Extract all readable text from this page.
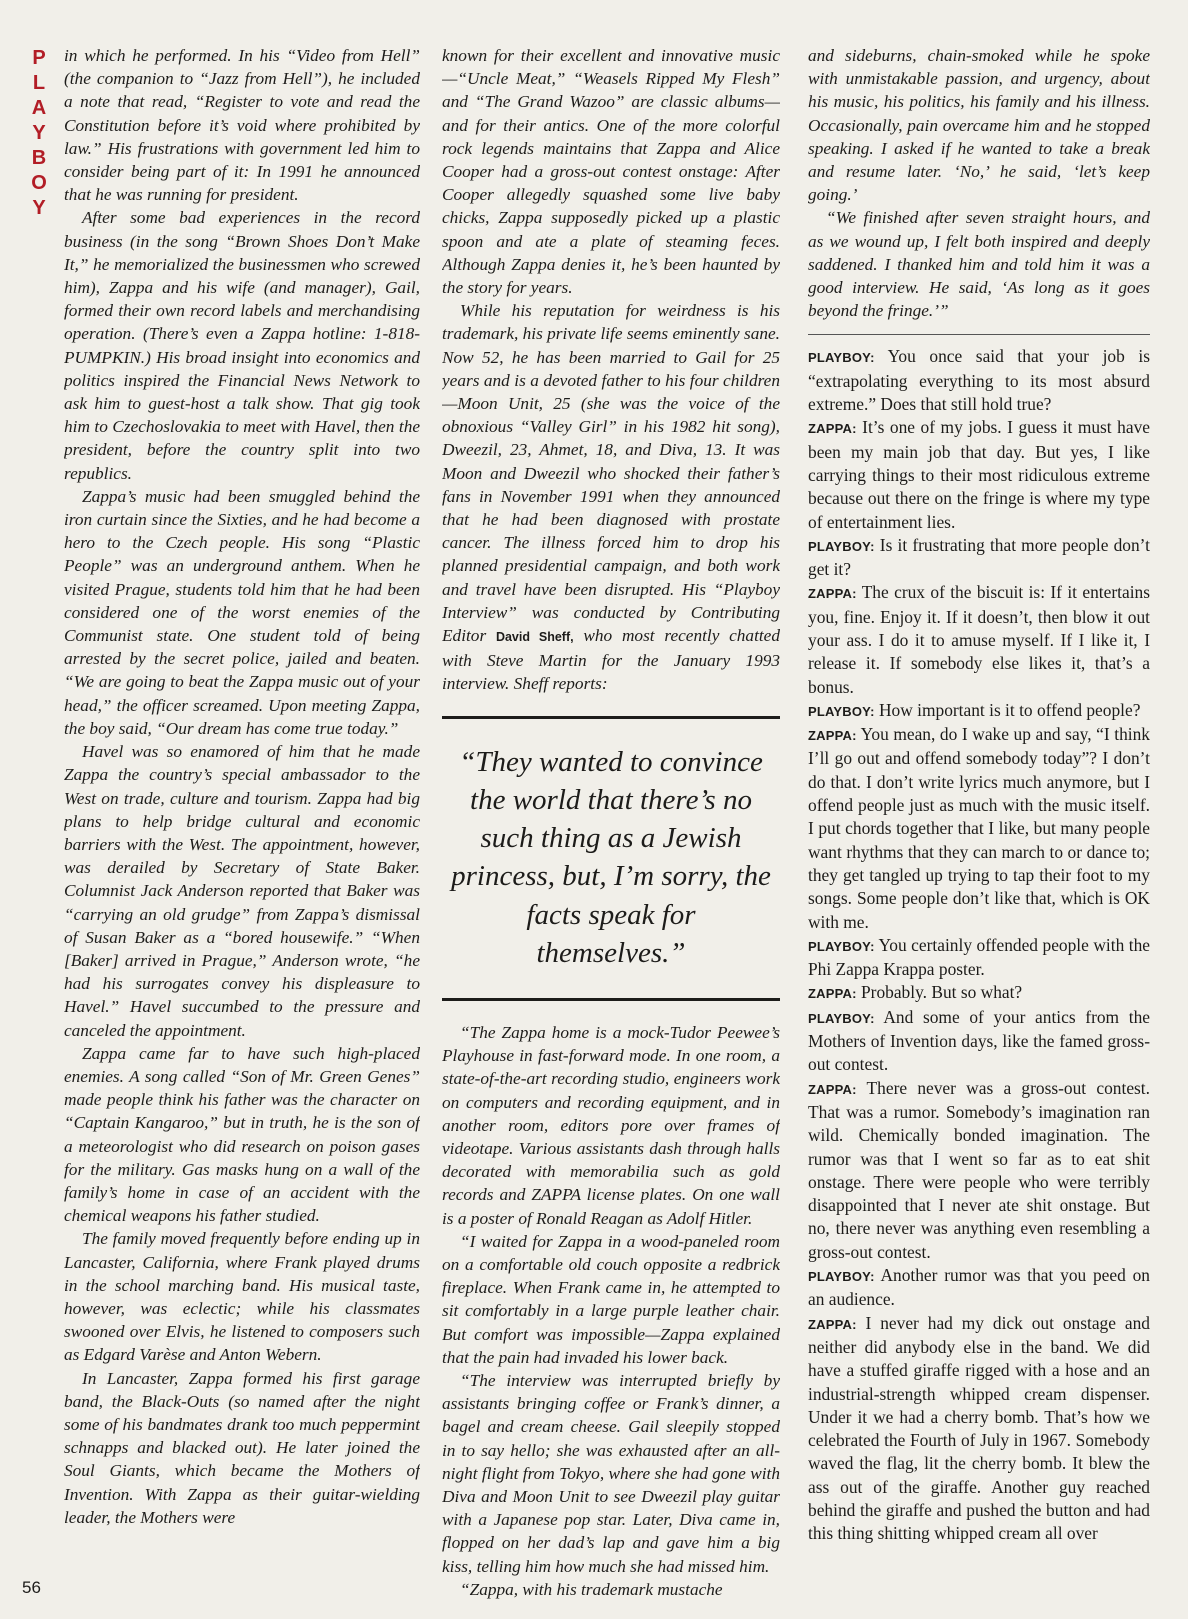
P
L
A
Y
B
O
Y
56

in which he performed. In his “Video from Hell” (the companion to “Jazz from Hell”), he included a note that read, “Register to vote and read the Constitution before it’s void where prohibited by law.” His frustrations with government led him to consider being part of it: In 1991 he announced that he was running for president.

After some bad experiences in the record business (in the song “Brown Shoes Don’t Make It,” he memorialized the businessmen who screwed him), Zappa and his wife (and manager), Gail, formed their own record labels and merchandising operation. (There’s even a Zappa hotline: 1-818-PUMPKIN.) His broad insight into economics and politics inspired the Financial News Network to ask him to guest-host a talk show. That gig took him to Czechoslovakia to meet with Havel, then the president, before the country split into two republics.

Zappa’s music had been smuggled behind the iron curtain since the Sixties, and he had become a hero to the Czech people. His song “Plastic People” was an underground anthem. When he visited Prague, students told him that he had been considered one of the worst enemies of the Communist state. One student told of being arrested by the secret police, jailed and beaten. “We are going to beat the Zappa music out of your head,” the officer screamed. Upon meeting Zappa, the boy said, “Our dream has come true today.”

Havel was so enamored of him that he made Zappa the country’s special ambassador to the West on trade, culture and tourism. Zappa had big plans to help bridge cultural and economic barriers with the West. The appointment, however, was derailed by Secretary of State Baker. Columnist Jack Anderson reported that Baker was “carrying an old grudge” from Zappa’s dismissal of Susan Baker as a “bored housewife.” “When [Baker] arrived in Prague,” Anderson wrote, “he had his surrogates convey his displeasure to Havel.” Havel succumbed to the pressure and canceled the appointment.

Zappa came far to have such high-placed enemies. A song called “Son of Mr. Green Genes” made people think his father was the character on “Captain Kangaroo,” but in truth, he is the son of a meteorologist who did research on poison gases for the military. Gas masks hung on a wall of the family’s home in case of an accident with the chemical weapons his father studied.

The family moved frequently before ending up in Lancaster, California, where Frank played drums in the school marching band. His musical taste, however, was eclectic; while his classmates swooned over Elvis, he listened to composers such as Edgard Varèse and Anton Webern.

In Lancaster, Zappa formed his first garage band, the Black-Outs (so named after the night some of his bandmates drank too much peppermint schnapps and blacked out). He later joined the Soul Giants, which became the Mothers of Invention. With Zappa as their guitar-wielding leader, the Mothers were

known for their excellent and innovative music—“Uncle Meat,” “Weasels Ripped My Flesh” and “The Grand Wazoo” are classic albums—and for their antics. One of the more colorful rock legends maintains that Zappa and Alice Cooper had a gross-out contest onstage: After Cooper allegedly squashed some live baby chicks, Zappa supposedly picked up a plastic spoon and ate a plate of steaming feces. Although Zappa denies it, he’s been haunted by the story for years.

While his reputation for weirdness is his trademark, his private life seems eminently sane. Now 52, he has been married to Gail for 25 years and is a devoted father to his four children—Moon Unit, 25 (she was the voice of the obnoxious “Valley Girl” in his 1982 hit song), Dweezil, 23, Ahmet, 18, and Diva, 13. It was Moon and Dweezil who shocked their father’s fans in November 1991 when they announced that he had been diagnosed with prostate cancer. The illness forced him to drop his planned presidential campaign, and both work and travel have been disrupted. His “Playboy Interview” was conducted by Contributing Editor David Sheff, who most recently chatted with Steve Martin for the January 1993 interview. Sheff reports:

“They wanted to convince the world that there’s no such thing as a Jewish princess, but, I’m sorry, the facts speak for themselves.”

“The Zappa home is a mock-Tudor Peewee’s Playhouse in fast-forward mode. In one room, a state-of-the-art recording studio, engineers work on computers and recording equipment, and in another room, editors pore over frames of videotape. Various assistants dash through halls decorated with memorabilia such as gold records and ZAPPA license plates. On one wall is a poster of Ronald Reagan as Adolf Hitler.

“I waited for Zappa in a wood-paneled room on a comfortable old couch opposite a redbrick fireplace. When Frank came in, he attempted to sit comfortably in a large purple leather chair. But comfort was impossible—Zappa explained that the pain had invaded his lower back.

“The interview was interrupted briefly by assistants bringing coffee or Frank’s dinner, a bagel and cream cheese. Gail sleepily stopped in to say hello; she was exhausted after an all-night flight from Tokyo, where she had gone with Diva and Moon Unit to see Dweezil play guitar with a Japanese pop star. Later, Diva came in, flopped on her dad’s lap and gave him a big kiss, telling him how much she had missed him.

“Zappa, with his trademark mustache

and sideburns, chain-smoked while he spoke with unmistakable passion, and urgency, about his music, his politics, his family and his illness. Occasionally, pain overcame him and he stopped speaking. I asked if he wanted to take a break and resume later. ‘No,’ he said, ‘let’s keep going.’

“We finished after seven straight hours, and as we wound up, I felt both inspired and deeply saddened. I thanked him and told him it was a good interview. He said, ‘As long as it goes beyond the fringe.’”

PLAYBOY: You once said that your job is “extrapolating everything to its most absurd extreme.” Does that still hold true?

ZAPPA: It’s one of my jobs. I guess it must have been my main job that day. But yes, I like carrying things to their most ridiculous extreme because out there on the fringe is where my type of entertainment lies.

PLAYBOY: Is it frustrating that more people don’t get it?

ZAPPA: The crux of the biscuit is: If it entertains you, fine. Enjoy it. If it doesn’t, then blow it out your ass. I do it to amuse myself. If I like it, I release it. If somebody else likes it, that’s a bonus.

PLAYBOY: How important is it to offend people?

ZAPPA: You mean, do I wake up and say, “I think I’ll go out and offend somebody today”? I don’t do that. I don’t write lyrics much anymore, but I offend people just as much with the music itself. I put chords together that I like, but many people want rhythms that they can march to or dance to; they get tangled up trying to tap their foot to my songs. Some people don’t like that, which is OK with me.

PLAYBOY: You certainly offended people with the Phi Zappa Krappa poster.

ZAPPA: Probably. But so what?

PLAYBOY: And some of your antics from the Mothers of Invention days, like the famed gross-out contest.

ZAPPA: There never was a gross-out contest. That was a rumor. Somebody’s imagination ran wild. Chemically bonded imagination. The rumor was that I went so far as to eat shit onstage. There were people who were terribly disappointed that I never ate shit onstage. But no, there never was anything even resembling a gross-out contest.

PLAYBOY: Another rumor was that you peed on an audience.

ZAPPA: I never had my dick out onstage and neither did anybody else in the band. We did have a stuffed giraffe rigged with a hose and an industrial-strength whipped cream dispenser. Under it we had a cherry bomb. That’s how we celebrated the Fourth of July in 1967. Somebody waved the flag, lit the cherry bomb. It blew the ass out of the giraffe. Another guy reached behind the giraffe and pushed the button and had this thing shitting whipped cream all over
